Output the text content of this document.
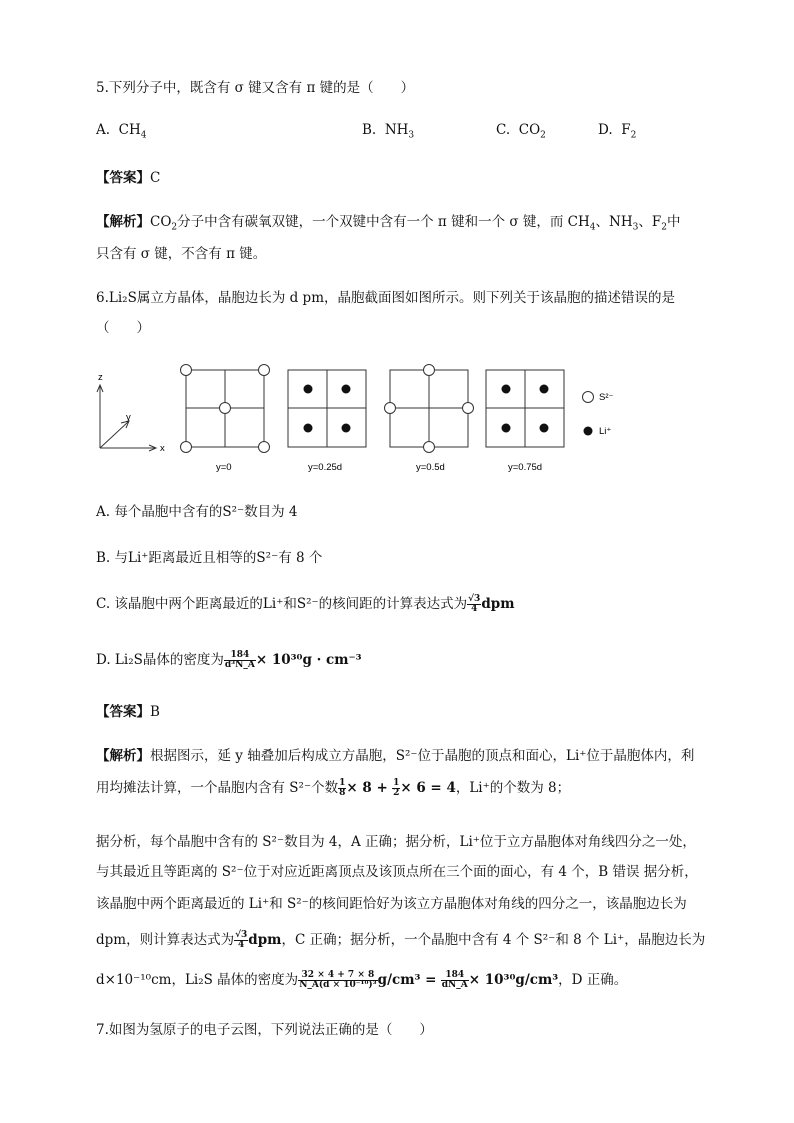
5.下列分子中，既含有 σ 键又含有 π 键的是（　　）
A. $CH_4$	B. $NH_3$	C. $CO_2$	D. $F_2$
【答案】C
【解析】$CO_2$分子中含有碳氧双键，一个双键中含有一个 π 键和一个 σ 键，而 $CH_4$、$NH_3$、$F_2$中
只含有 σ 键，不含有 π 键。
6.Li₂S属立方晶体，晶胞边长为 d pm，晶胞截面图如图所示。则下列关于该晶胞的描述错误的是
（　　）
z
y
x
y=0	y=0.25d	y=0.5d	y=0.75d
S²⁻
Li⁺
A. 每个晶胞中含有的S²⁻数目为 4
B. 与Li⁺距离最近且相等的S²⁻有 8 个
C. 该晶胞中两个距离最近的Li⁺和S²⁻的核间距的计算表达式为 $\frac{√3}{4}$ dpm
D. Li₂S晶体的密度为 $\frac{184}{\text{d³N\_A}} \times 10^{30}g \cdot cm^{-3}$
【答案】B
【解析】根据图示，延 y 轴叠加后构成立方晶胞，S²⁻位于晶胞的顶点和面心，Li⁺位于晶胞体内，利
用均摊法计算，一个晶胞内含有 S²⁻个数 $\frac{1}{8} \times 8 + \frac{1}{2} \times 6 = 4$，Li⁺的个数为 8；
据分析，每个晶胞中含有的 S²⁻数目为 4，A 正确；据分析，Li⁺位于立方晶胞体对角线四分之一处，
与其最近且等距离的 S²⁻位于对应近距离顶点及该顶点所在三个面的面心，有 4 个，B 错误 据分析，
该晶胞中两个距离最近的 Li⁺和 S²⁻的核间距恰好为该立方晶胞体对角线的四分之一，该晶胞边长为
dpm，则计算表达式为 $\frac{√3}{4}$ dpm，C 正确；据分析，一个晶胞中含有 4 个 S²⁻和 8 个 Li⁺，晶胞边长为
d×10⁻¹⁰cm，Li₂S 晶体的密度为 $\frac{32 \times 4 + 7 \times 8}{\text{N\_A(d × 10⁻¹⁰)³}} g/cm^3 = \frac{184}{dN\_A} \times 10^{30}g/cm^3$，D 正确。
7.如图为氢原子的电子云图，下列说法正确的是（　　）
